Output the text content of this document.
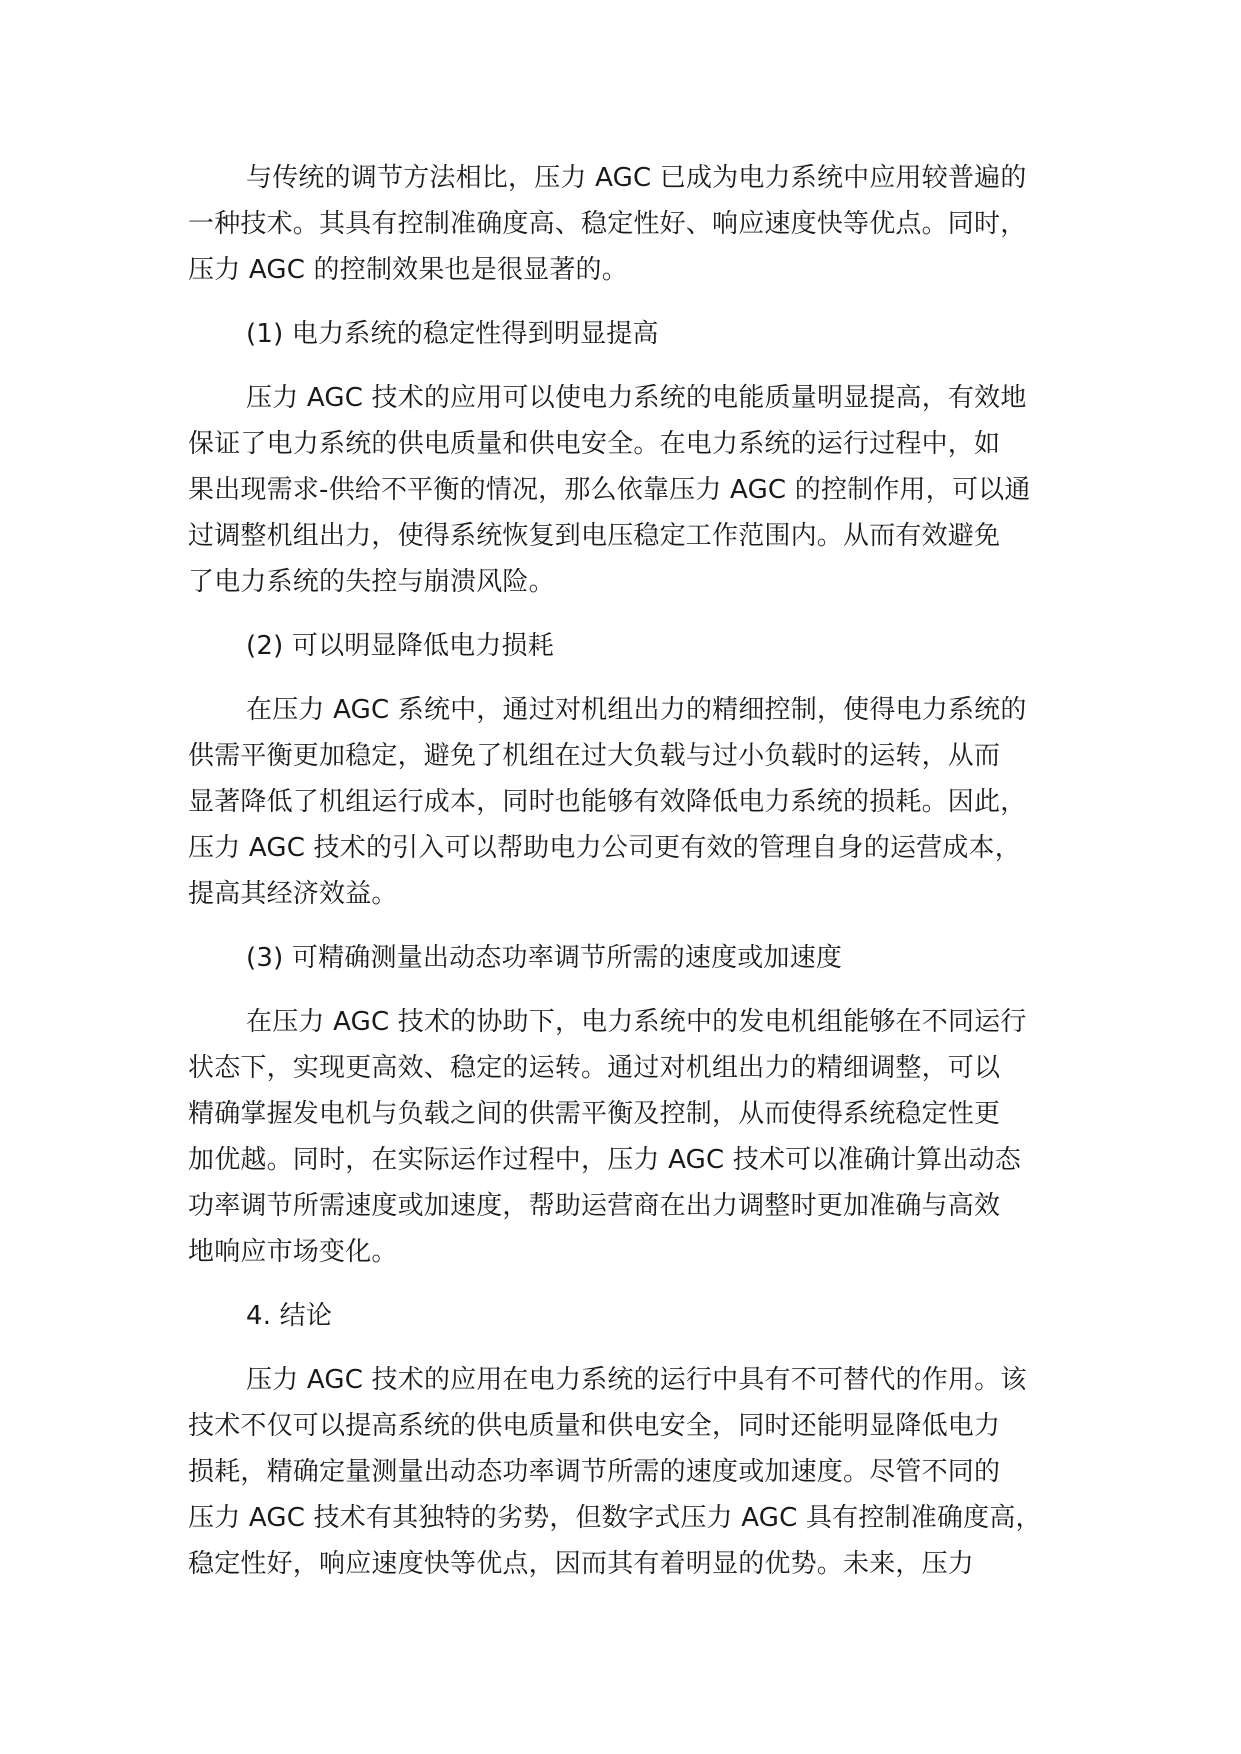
与传统的调节方法相比，压力 AGC 已成为电力系统中应用较普遍的
一种技术。其具有控制准确度高、稳定性好、响应速度快等优点。同时，
压力 AGC 的控制效果也是很显著的。
(1) 电力系统的稳定性得到明显提高
压力 AGC 技术的应用可以使电力系统的电能质量明显提高，有效地
保证了电力系统的供电质量和供电安全。在电力系统的运行过程中，如
果出现需求-供给不平衡的情况，那么依靠压力 AGC 的控制作用，可以通
过调整机组出力，使得系统恢复到电压稳定工作范围内。从而有效避免
了电力系统的失控与崩溃风险。
(2) 可以明显降低电力损耗
在压力 AGC 系统中，通过对机组出力的精细控制，使得电力系统的
供需平衡更加稳定，避免了机组在过大负载与过小负载时的运转，从而
显著降低了机组运行成本，同时也能够有效降低电力系统的损耗。因此，
压力 AGC 技术的引入可以帮助电力公司更有效的管理自身的运营成本，
提高其经济效益。
(3) 可精确测量出动态功率调节所需的速度或加速度
在压力 AGC 技术的协助下，电力系统中的发电机组能够在不同运行
状态下，实现更高效、稳定的运转。通过对机组出力的精细调整，可以
精确掌握发电机与负载之间的供需平衡及控制，从而使得系统稳定性更
加优越。同时，在实际运作过程中，压力 AGC 技术可以准确计算出动态
功率调节所需速度或加速度，帮助运营商在出力调整时更加准确与高效
地响应市场变化。
4. 结论
压力 AGC 技术的应用在电力系统的运行中具有不可替代的作用。该
技术不仅可以提高系统的供电质量和供电安全，同时还能明显降低电力
损耗，精确定量测量出动态功率调节所需的速度或加速度。尽管不同的
压力 AGC 技术有其独特的劣势，但数字式压力 AGC 具有控制准确度高，
稳定性好，响应速度快等优点，因而其有着明显的优势。未来，压力
